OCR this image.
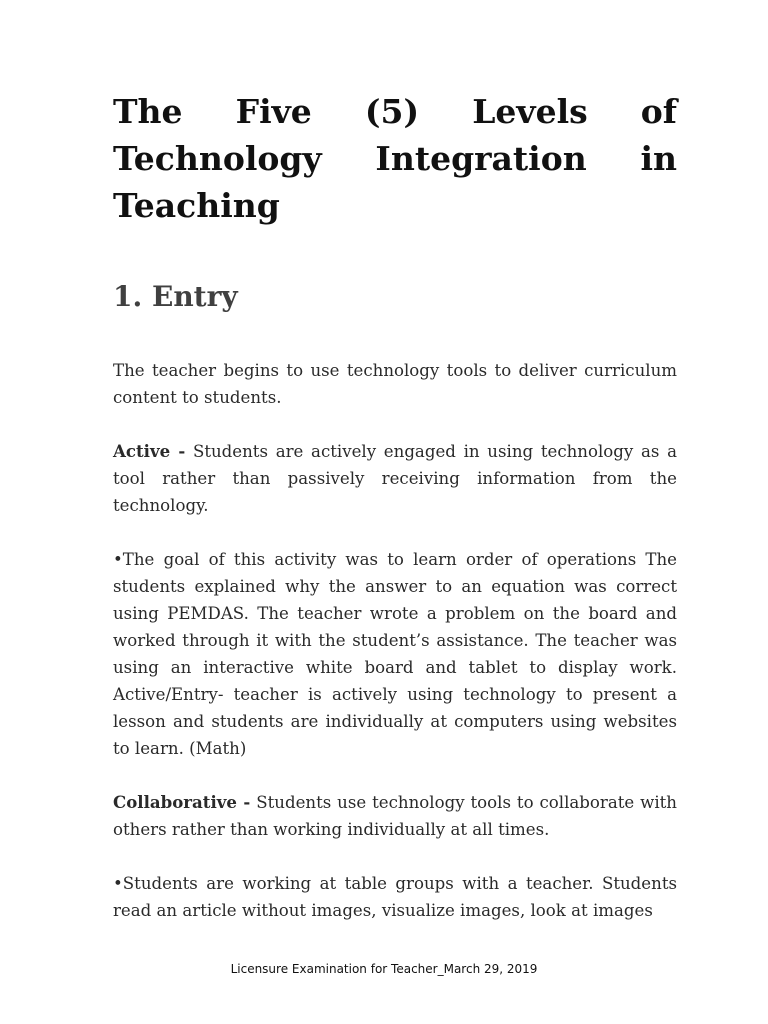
The Five (5) Levels of Technology Integration in Teaching
1. Entry

The teacher begins to use technology tools to deliver curriculum content to students.

Active - Students are actively engaged in using technology as a tool rather than passively receiving information from the technology.

•The goal of this activity was to learn order of operations The students explained why the answer to an equation was correct using PEMDAS. The teacher wrote a problem on the board and worked through it with the student’s assistance. The teacher was using an interactive white board and tablet to display work. Active/Entry- teacher is actively using technology to present a lesson and students are individually at computers using websites to learn. (Math)

Collaborative - Students use technology tools to collaborate with others rather than working individually at all times.

•Students are working at table groups with a teacher. Students read an article without images, visualize images, look at images

Licensure Examination for Teacher_March 29, 2019
